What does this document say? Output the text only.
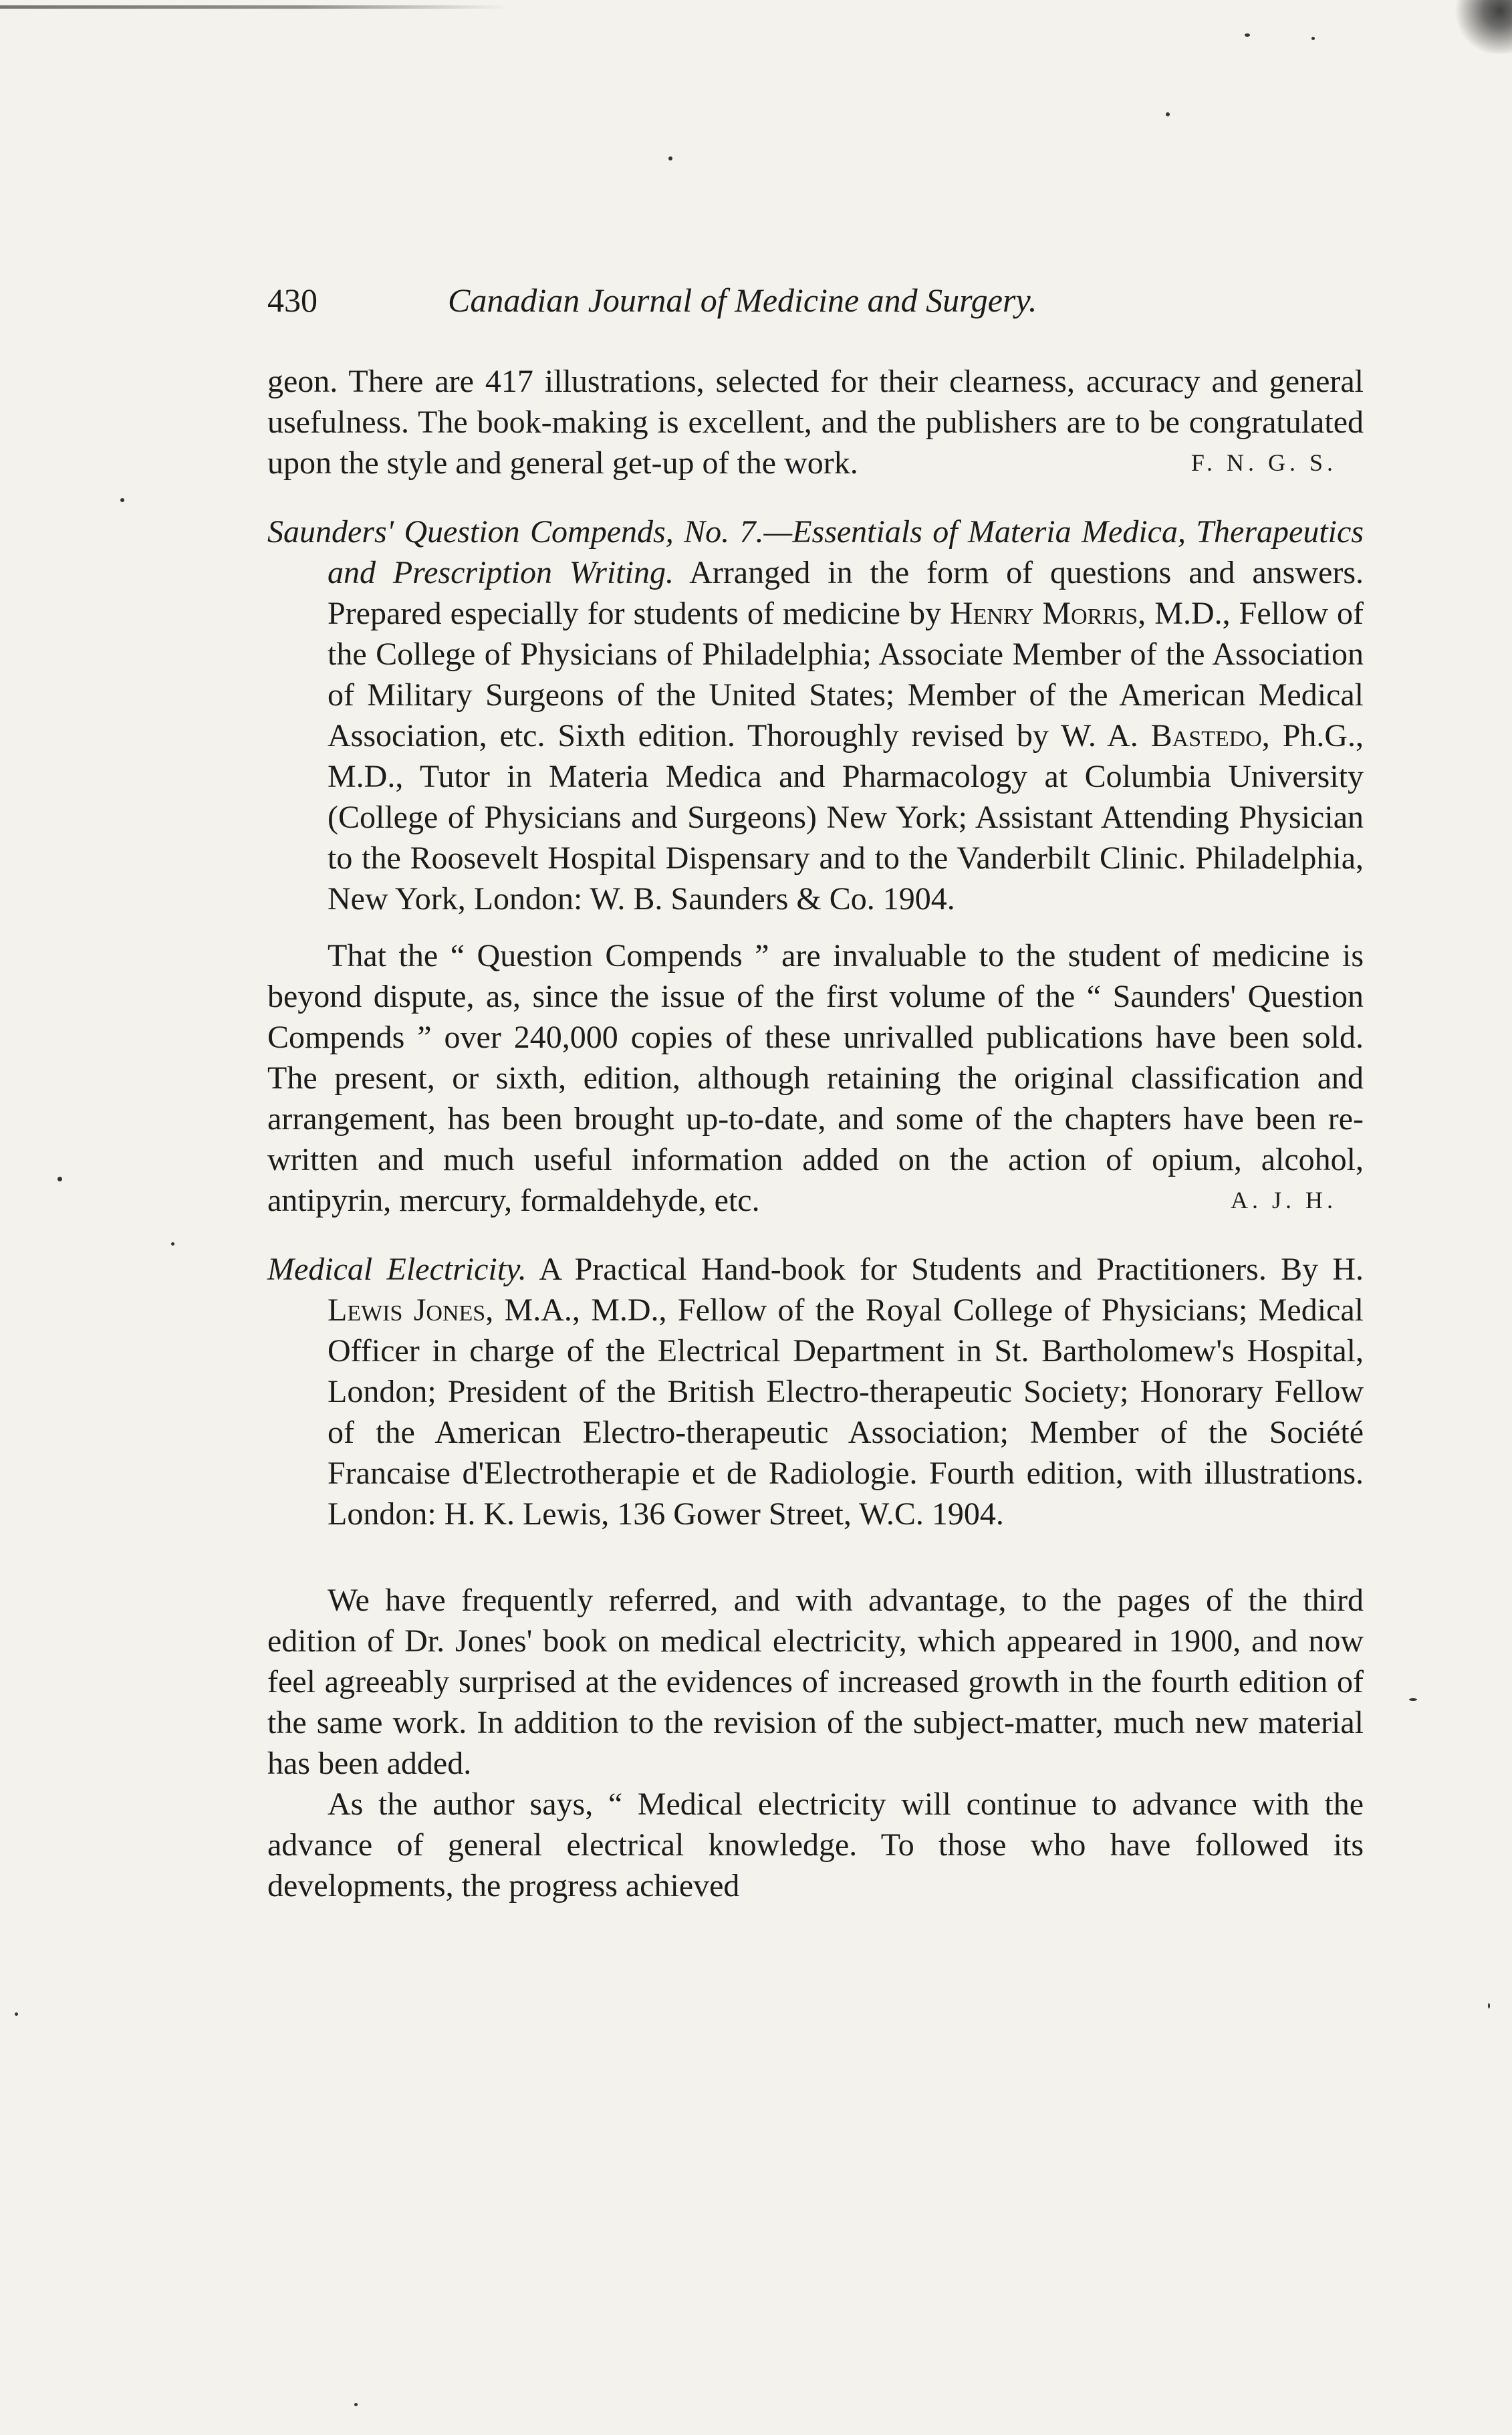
430	Canadian Journal of Medicine and Surgery.

geon. There are 417 illustrations, selected for their clearness, accuracy and general usefulness. The book-making is excellent, and the publishers are to be congratulated upon the style and general get-up of the work.	F. N. G. S.

Saunders' Question Compends, No. 7.—Essentials of Materia Medica, Therapeutics and Prescription Writing. Arranged in the form of questions and answers. Prepared especially for students of medicine by Henry Morris, M.D., Fellow of the College of Physicians of Philadelphia; Associate Member of the Association of Military Surgeons of the United States; Member of the American Medical Association, etc. Sixth edition. Thoroughly revised by W. A. Bastedo, Ph.G., M.D., Tutor in Materia Medica and Pharmacology at Columbia University (College of Physicians and Surgeons) New York; Assistant Attending Physician to the Roosevelt Hospital Dispensary and to the Vanderbilt Clinic. Philadelphia, New York, London: W. B. Saunders & Co. 1904.

That the “ Question Compends ” are invaluable to the student of medicine is beyond dispute, as, since the issue of the first volume of the “ Saunders' Question Compends ” over 240,000 copies of these unrivalled publications have been sold. The present, or sixth, edition, although retaining the original classification and arrangement, has been brought up-to-date, and some of the chapters have been re-written and much useful information added on the action of opium, alcohol, antipyrin, mercury, formaldehyde, etc.	A. J. H.

Medical Electricity. A Practical Hand-book for Students and Practitioners. By H. Lewis Jones, M.A., M.D., Fellow of the Royal College of Physicians; Medical Officer in charge of the Electrical Department in St. Bartholomew's Hospital, London; President of the British Electro-therapeutic Society; Honorary Fellow of the American Electro-therapeutic Association; Member of the Société Francaise d'Electrotherapie et de Radiologie. Fourth edition, with illustrations. London: H. K. Lewis, 136 Gower Street, W.C. 1904.

We have frequently referred, and with advantage, to the pages of the third edition of Dr. Jones' book on medical electricity, which appeared in 1900, and now feel agreeably surprised at the evidences of increased growth in the fourth edition of the same work. In addition to the revision of the subject-matter, much new material has been added.

As the author says, “ Medical electricity will continue to advance with the advance of general electrical knowledge. To those who have followed its developments, the progress achieved
